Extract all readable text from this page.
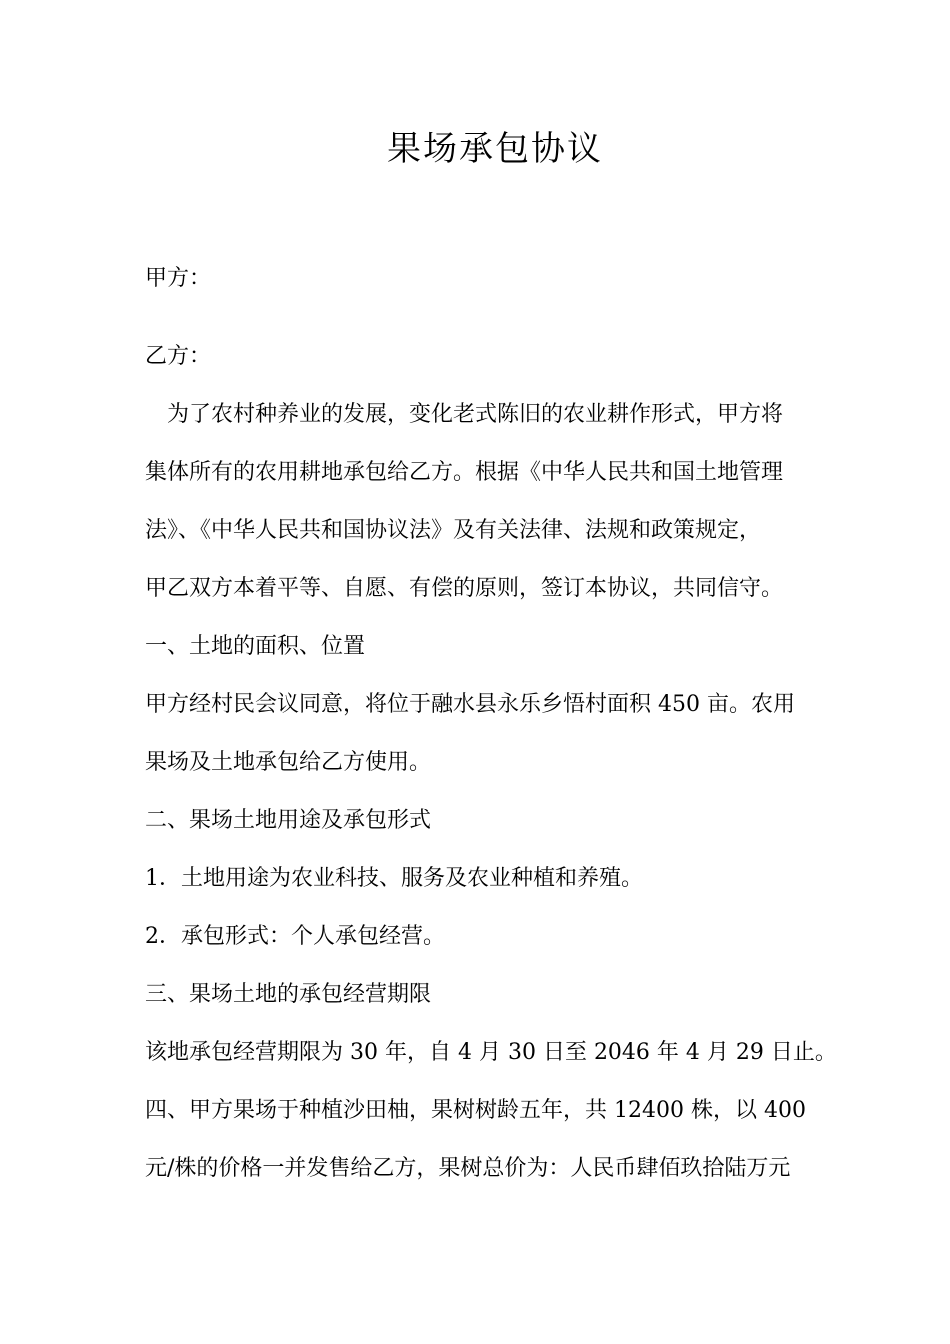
果场承包协议
甲方：
乙方：
为了农村种养业的发展，变化老式陈旧的农业耕作形式，甲方将
集体所有的农用耕地承包给乙方。根据《中华人民共和国土地管理
法》、《中华人民共和国协议法》及有关法律、法规和政策规定，
甲乙双方本着平等、自愿、有偿的原则，签订本协议，共同信守。
一、土地的面积、位置
甲方经村民会议同意，将位于融水县永乐乡悟村面积 450 亩。农用
果场及土地承包给乙方使用。
二、果场土地用途及承包形式
1．土地用途为农业科技、服务及农业种植和养殖。
2．承包形式：个人承包经营。
三、果场土地的承包经营期限
该地承包经营期限为 30 年，自 4 月 30 日至 2046 年 4 月 29 日止。
四、甲方果场于种植沙田柚，果树树龄五年，共 12400 株，以 400
元/株的价格一并发售给乙方，果树总价为：人民币肆佰玖拾陆万元
